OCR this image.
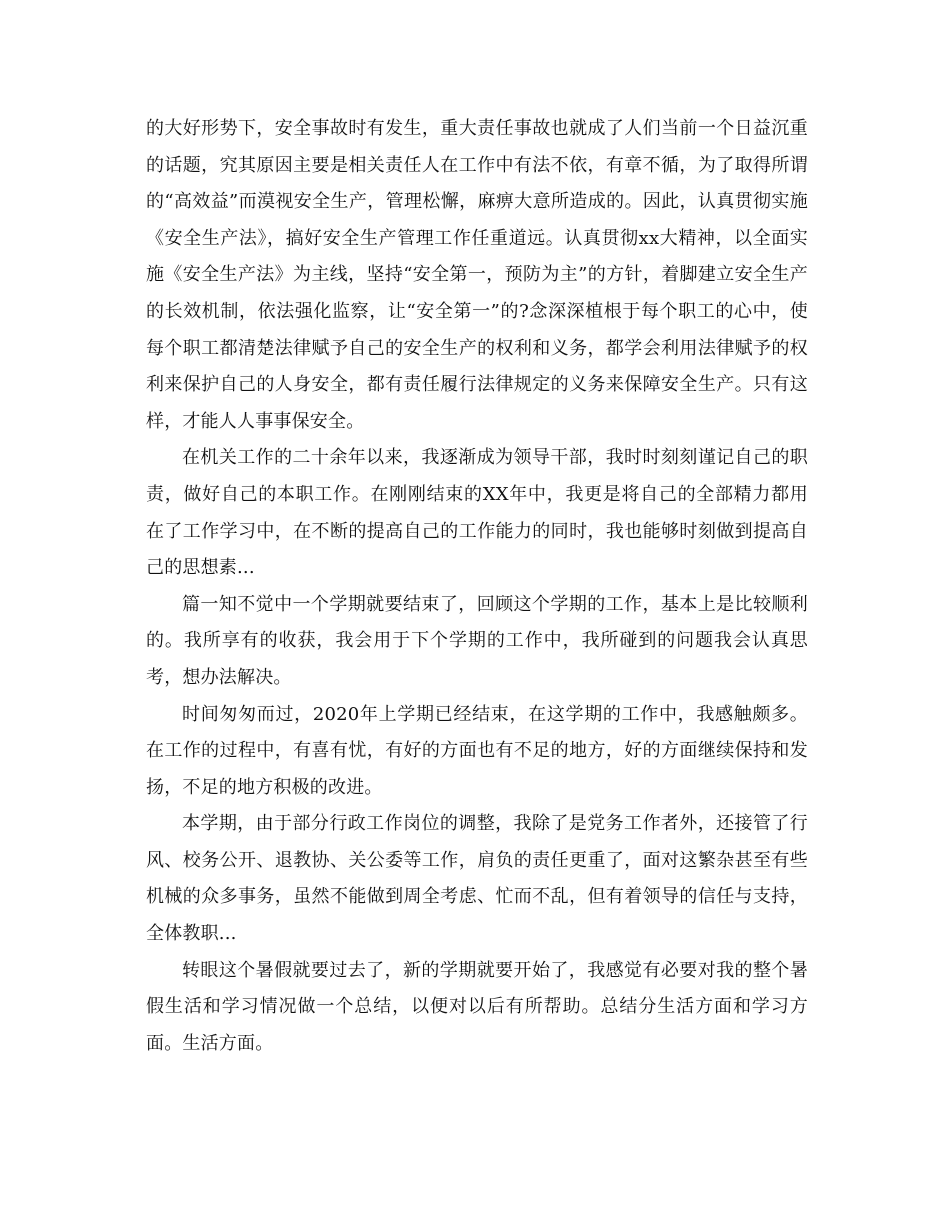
的大好形势下，安全事故时有发生，重大责任事故也就成了人们当前一个日益沉重的话题，究其原因主要是相关责任人在工作中有法不依，有章不循，为了取得所谓的“高效益”而漠视安全生产，管理松懈，麻痹大意所造成的。因此，认真贯彻实施《安全生产法》，搞好安全生产管理工作任重道远。认真贯彻xx大精神，以全面实施《安全生产法》为主线，坚持“安全第一，预防为主”的方针，着脚建立安全生产的长效机制，依法强化监察，让“安全第一”的?念深深植根于每个职工的心中，使每个职工都清楚法律赋予自己的安全生产的权利和义务，都学会利用法律赋予的权利来保护自己的人身安全，都有责任履行法律规定的义务来保障安全生产。只有这样，才能人人事事保安全。

在机关工作的二十余年以来，我逐渐成为领导干部，我时时刻刻谨记自己的职责，做好自己的本职工作。在刚刚结束的XX年中，我更是将自己的全部精力都用在了工作学习中，在不断的提高自己的工作能力的同时，我也能够时刻做到提高自己的思想素...

篇一知不觉中一个学期就要结束了，回顾这个学期的工作，基本上是比较顺利的。我所享有的收获，我会用于下个学期的工作中，我所碰到的问题我会认真思考，想办法解决。

时间匆匆而过，2020年上学期已经结束，在这学期的工作中，我感触颇多。在工作的过程中，有喜有忧，有好的方面也有不足的地方，好的方面继续保持和发扬，不足的地方积极的改进。

本学期，由于部分行政工作岗位的调整，我除了是党务工作者外，还接管了行风、校务公开、退教协、关公委等工作，肩负的责任更重了，面对这繁杂甚至有些机械的众多事务，虽然不能做到周全考虑、忙而不乱，但有着领导的信任与支持，全体教职...

转眼这个暑假就要过去了，新的学期就要开始了，我感觉有必要对我的整个暑假生活和学习情况做一个总结，以便对以后有所帮助。总结分生活方面和学习方面。生活方面。
